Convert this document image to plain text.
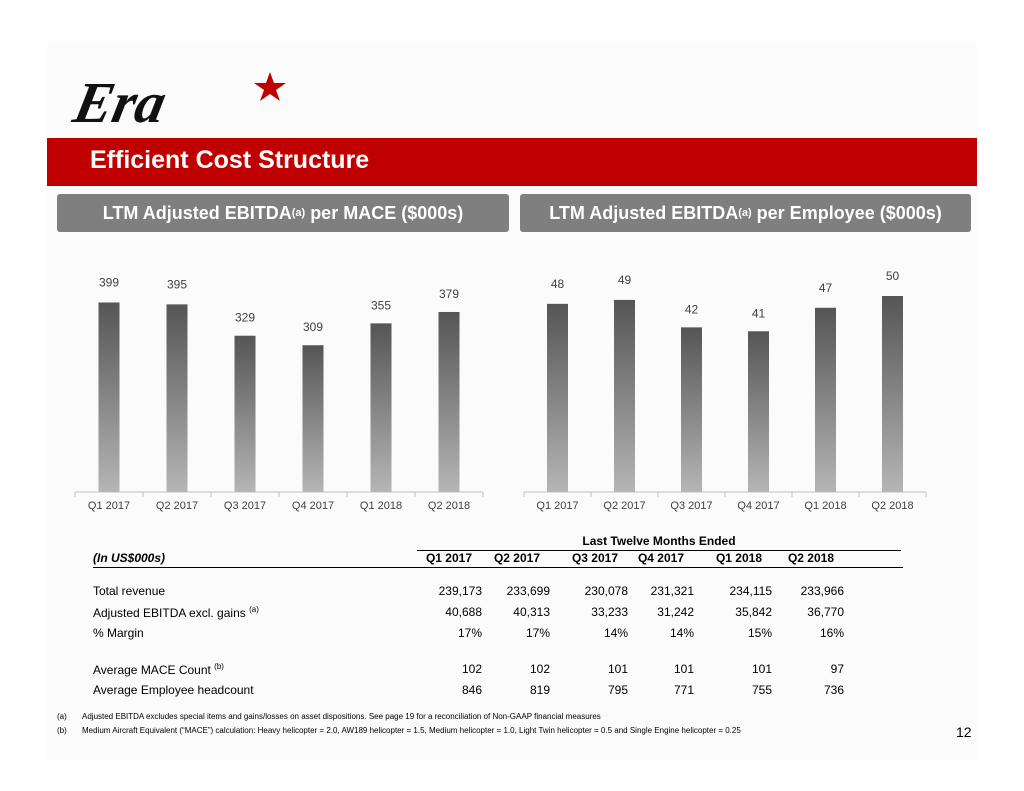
Era
Efficient Cost Structure
LTM Adjusted EBITDA (a) per MACE ($000s)	LTM Adjusted EBITDA (a) per Employee ($000s)
399
Q1 2017
395
Q2 2017
329
Q3 2017
309
Q4 2017
355
Q1 2018
379
Q2 2018
48
Q1 2017
49
Q2 2017
42
Q3 2017
41
Q4 2017
47
Q1 2018
50
Q2 2018
Last Twelve Months Ended
(In US$000s)	Q1 2017	Q2 2017	Q3 2017	Q4 2017	Q1 2018	Q2 2018
Total revenue	239,173	233,699	230,078	231,321	234,115	233,966
Adjusted EBITDA excl. gains $^{(a)}$	40,688	40,313	33,233	31,242	35,842	36,770
% Margin	17%	17%	14%	14%	15%	16%
Average MACE Count $^{(b)}$	102	102	101	101	101	97
Average Employee headcount	846	819	795	771	755	736
(a) Adjusted EBITDA excludes special items and gains/losses on asset dispositions. See page 19 for a reconciliation of Non-GAAP financial measures
(b) Medium Aircraft Equivalent (“MACE”) calculation: Heavy helicopter = 2.0, AW189 helicopter = 1.5, Medium helicopter = 1.0, Light Twin helicopter = 0.5 and Single Engine helicopter = 0.25	12
